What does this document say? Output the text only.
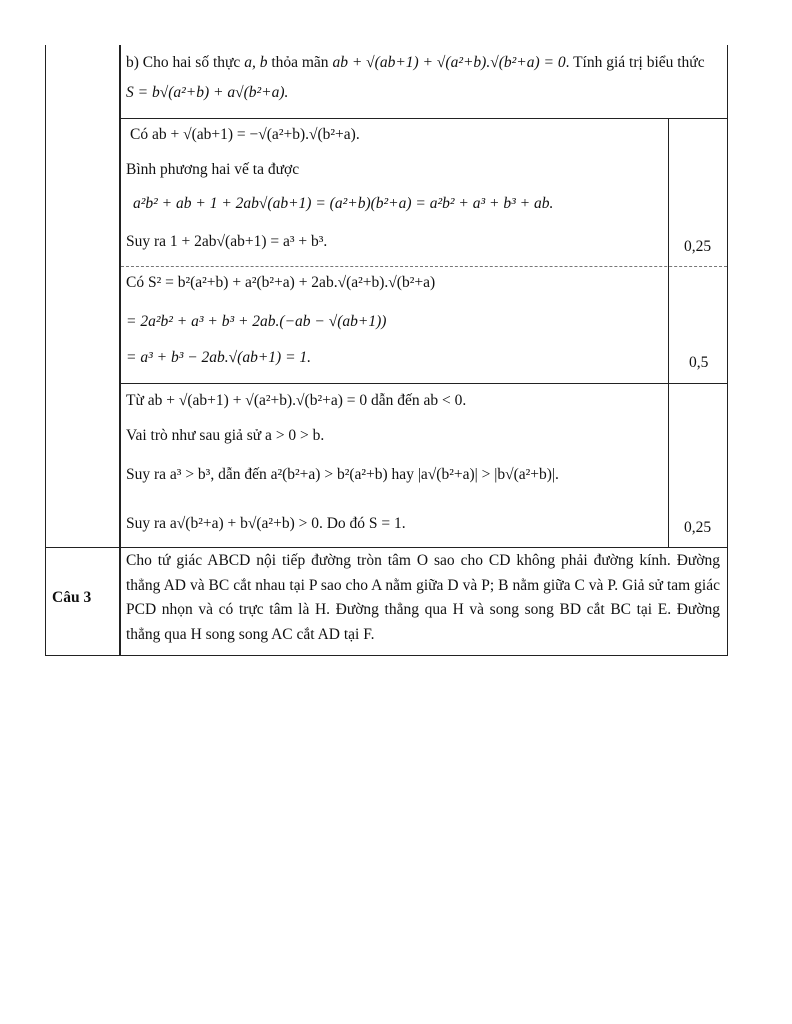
b) Cho hai số thực a, b thỏa mãn ab + √(ab+1) + √(a²+b).√(b²+a) = 0. Tính giá trị biểu thức
S = b√(a²+b) + a√(b²+a).
Có ab + √(ab+1) = −√(a²+b).√(b²+a).
Bình phương hai vế ta được
a²b² + ab + 1 + 2ab√(ab+1) = (a²+b)(b²+a) = a²b² + a³ + b³ + ab.
Suy ra 1 + 2ab√(ab+1) = a³ + b³.	0,25
Có S² = b²(a²+b) + a²(b²+a) + 2ab.√(a²+b).√(b²+a)
= 2a²b² + a³ + b³ + 2ab.(−ab − √(ab+1))
= a³ + b³ − 2ab.√(ab+1) = 1.	0,5
Từ ab + √(ab+1) + √(a²+b).√(b²+a) = 0 dẫn đến ab < 0.
Vai trò như sau giả sử a > 0 > b.
Suy ra a³ > b³, dẫn đến a²(b²+a) > b²(a²+b) hay |a√(b²+a)| > |b√(a²+b)|.
Suy ra a√(b²+a) + b√(a²+b) > 0. Do đó S = 1.	0,25
Câu 3
Cho tứ giác ABCD nội tiếp đường tròn tâm O sao cho CD không phải đường kính. Đường thẳng AD và BC cắt nhau tại P sao cho A nằm giữa D và P; B nằm giữa C và P. Giả sử tam giác PCD nhọn và có trực tâm là H. Đường thẳng qua H và song song BD cắt BC tại E. Đường thẳng qua H song song AC cắt AD tại F.
